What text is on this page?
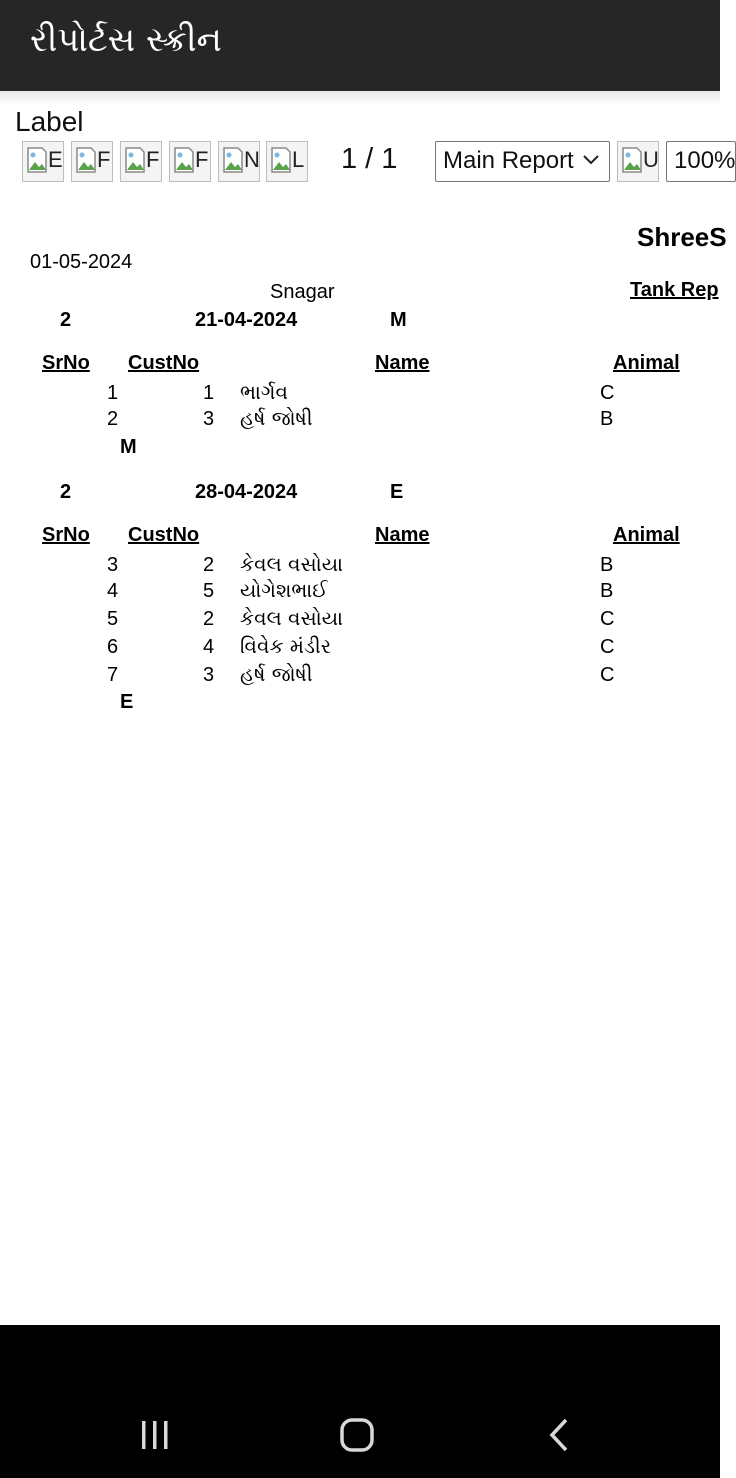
રીપોર્ટસ સ્ક્રીન
Label
E F F F N L 1 / 1 Main Report	U 100%
ShreeS
01-05-2024
Snagar	Tank Rep
2	21-04-2024	M
SrNo CustNo	Name	Animal
1	1 ભાર્ગવ	C
2	3 હર્ષ જોષી	B
M
2	28-04-2024	E
SrNo CustNo	Name	Animal
3	2 કેવલ વસોયા	B
4	5 યોગેશભાઈ	B
5	2 કેવલ વસોયા	C
6	4 વિવેક મંડીર	C
7	3 હર્ષ જોષી	C
E
